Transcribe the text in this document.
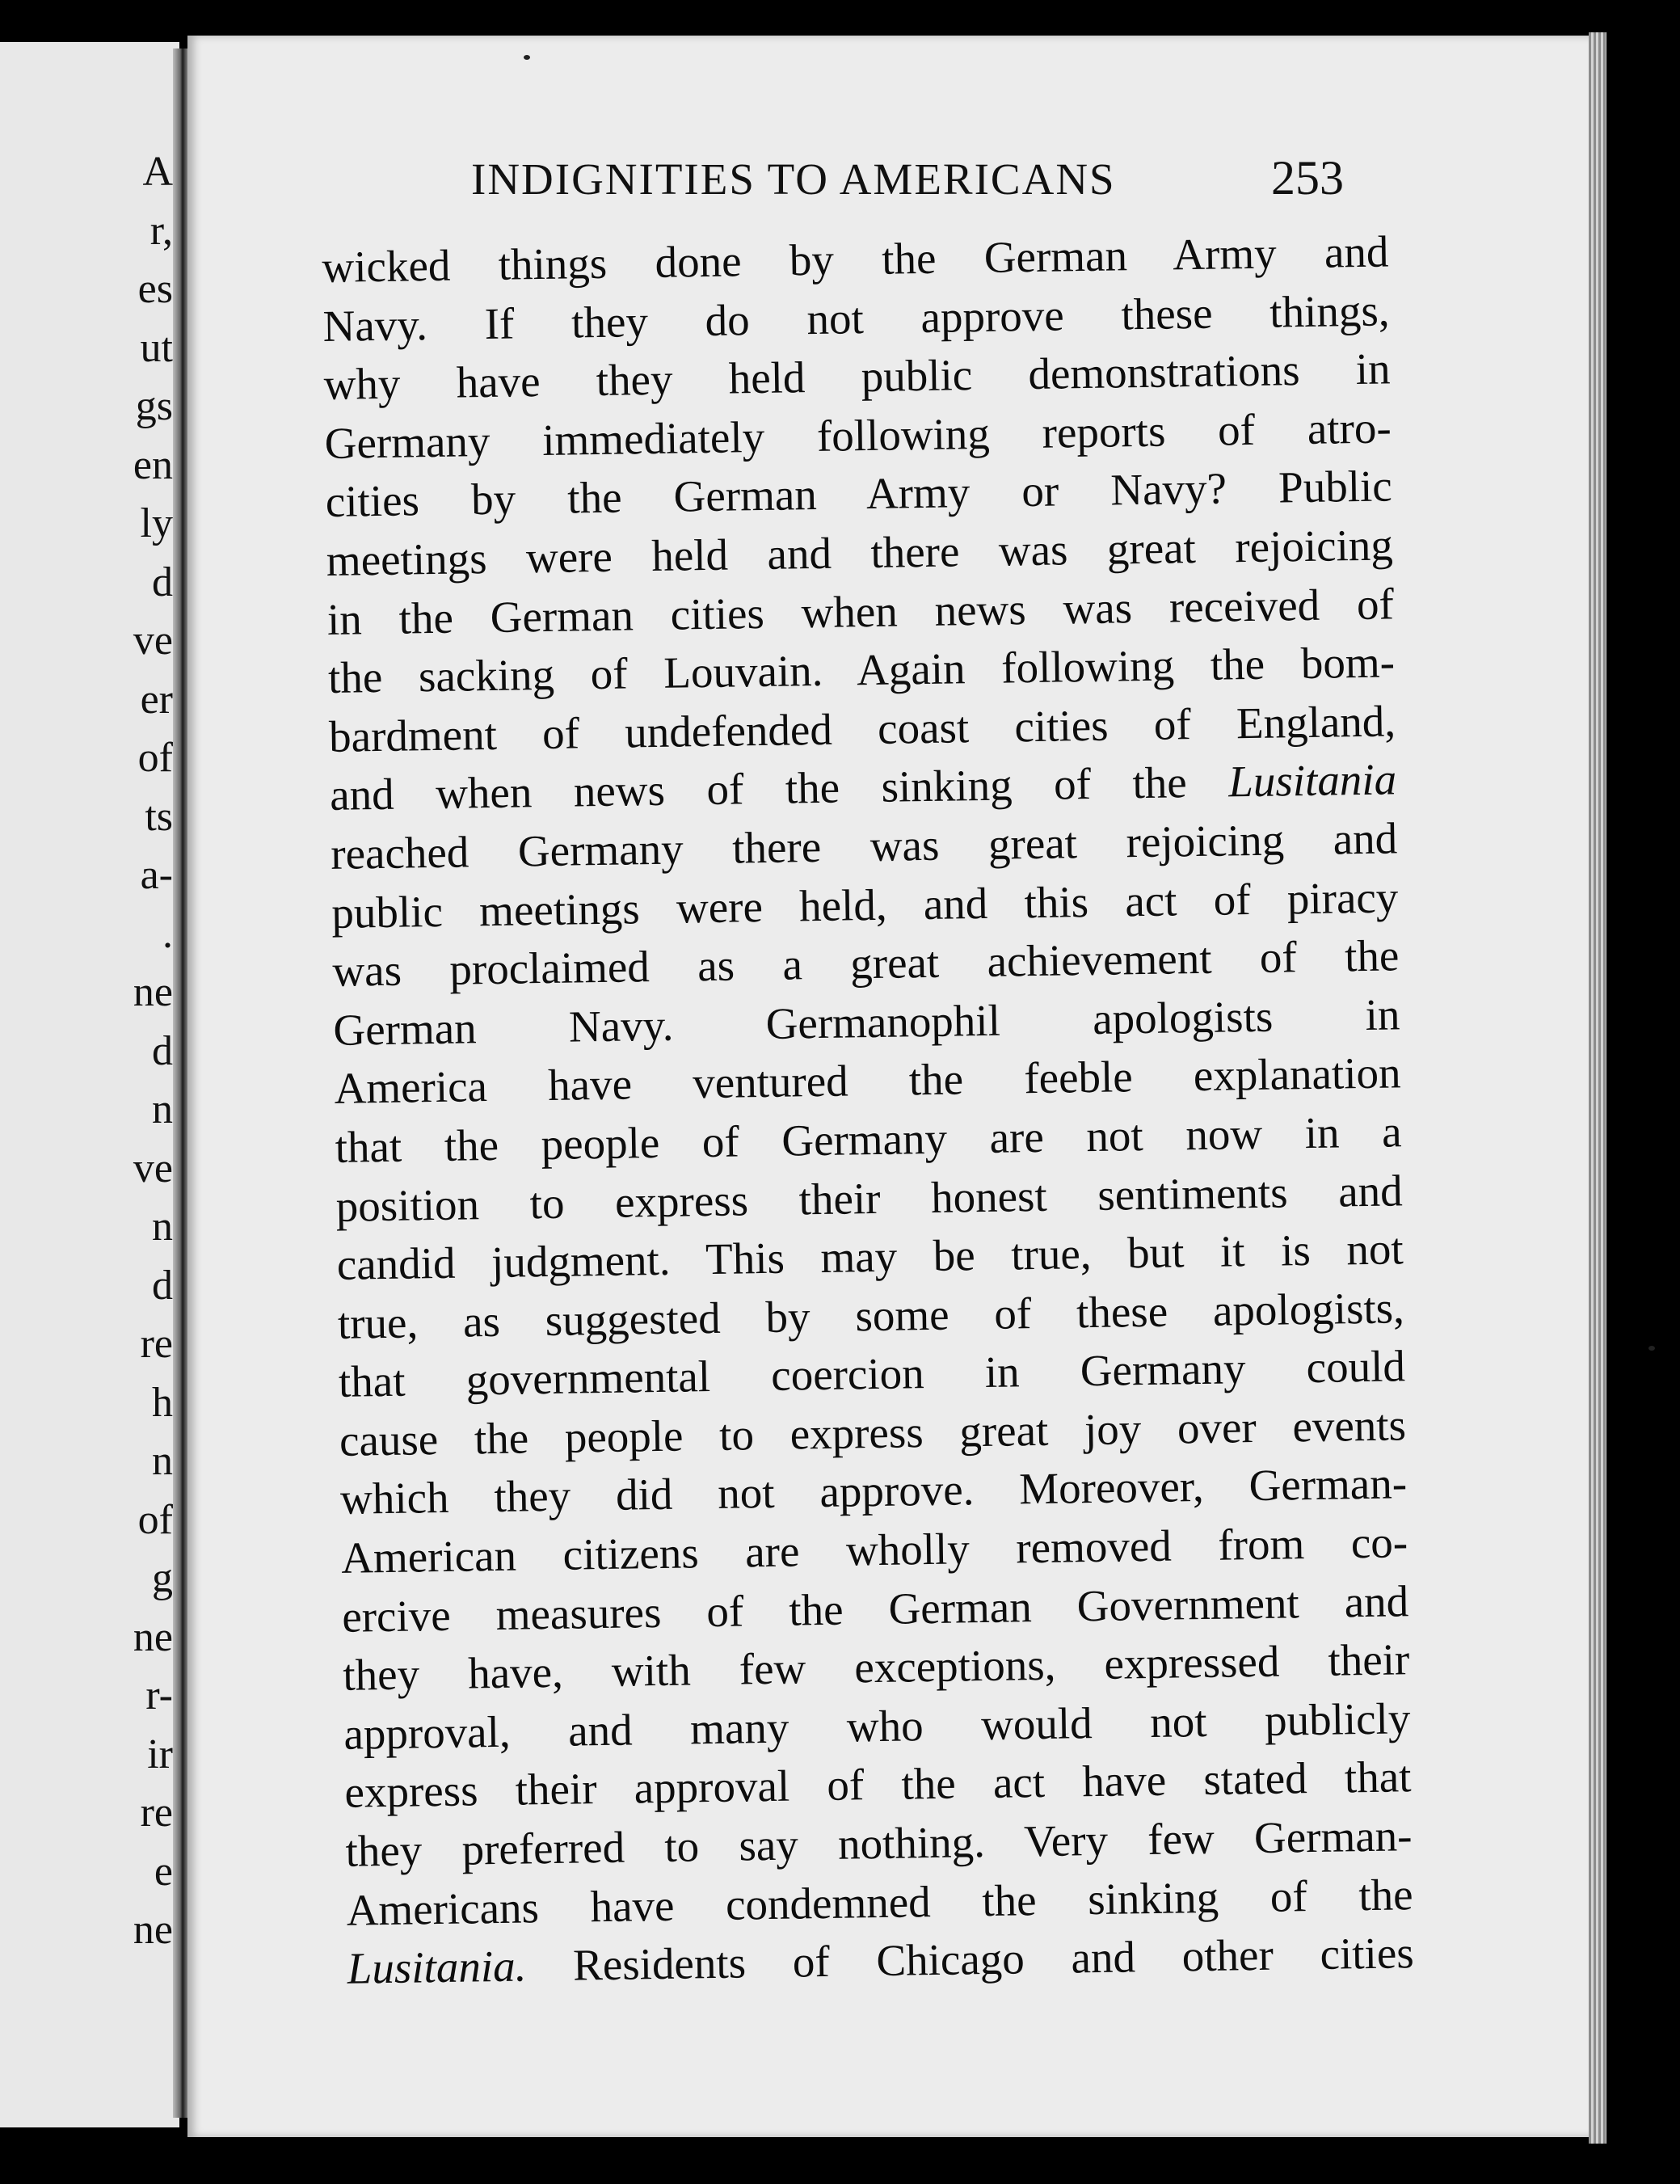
A
r,
es
ut
gs
en
ly
d
ve
er
of
ts
a-
.
ne
d
n
ve
n
d
re
h
n
of
g
ne
r-
ir
re
e
ne
INDIGNITIES TO AMERICANS	253
wicked things done by the German Army and
Navy. If they do not approve these things,
why have they held public demonstrations in
Germany immediately following reports of atro-
cities by the German Army or Navy? Public
meetings were held and there was great rejoicing
in the German cities when news was received of
the sacking of Louvain. Again following the bom-
bardment of undefended coast cities of England,
and when news of the sinking of the Lusitania
reached Germany there was great rejoicing and
public meetings were held, and this act of piracy
was proclaimed as a great achievement of the
German Navy. Germanophil apologists in
America have ventured the feeble explanation
that the people of Germany are not now in a
position to express their honest sentiments and
candid judgment. This may be true, but it is not
true, as suggested by some of these apologists,
that governmental coercion in Germany could
cause the people to express great joy over events
which they did not approve. Moreover, German-
American citizens are wholly removed from co-
ercive measures of the German Government and
they have, with few exceptions, expressed their
approval, and many who would not publicly
express their approval of the act have stated that
they preferred to say nothing. Very few German-
Americans have condemned the sinking of the
Lusitania. Residents of Chicago and other cities
